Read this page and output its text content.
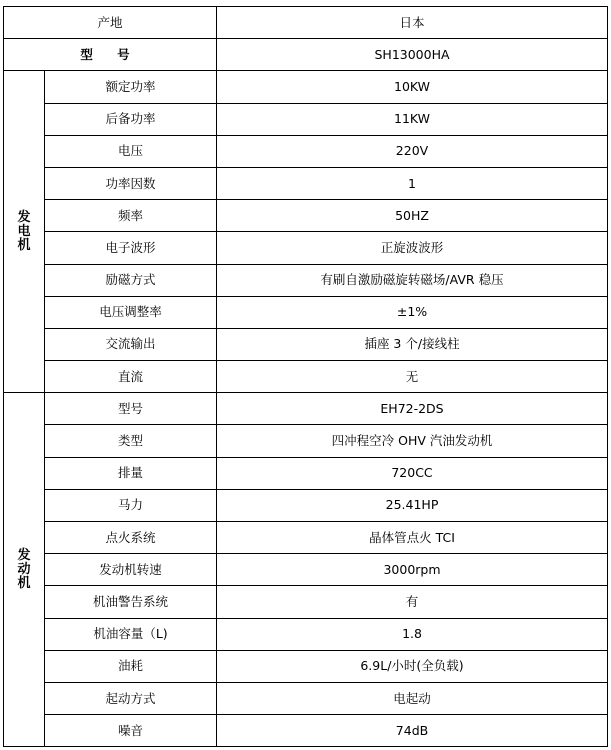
产地		日本
型 号		SH13000HA

发
电
机	额定功率	10KW
	后备功率	11KW
	电压	220V
	功率因数	1
	频率	50HZ
	电子波形	正旋波波形
	励磁方式	有刷自激励磁旋转磁场/AVR 稳压
	电压调整率	±1%
	交流输出	插座 3 个/接线柱
	直流	无

发
动
机	型号	EH72-2DS
	类型	四冲程空冷 OHV 汽油发动机
	排量	720CC
	马力	25.41HP
	点火系统	晶体管点火 TCI
	发动机转速	3000rpm
	机油警告系统	有
	机油容量（L)	1.8
	油耗	6.9L/小时(全负载)
	起动方式	电起动
	噪音	74dB
